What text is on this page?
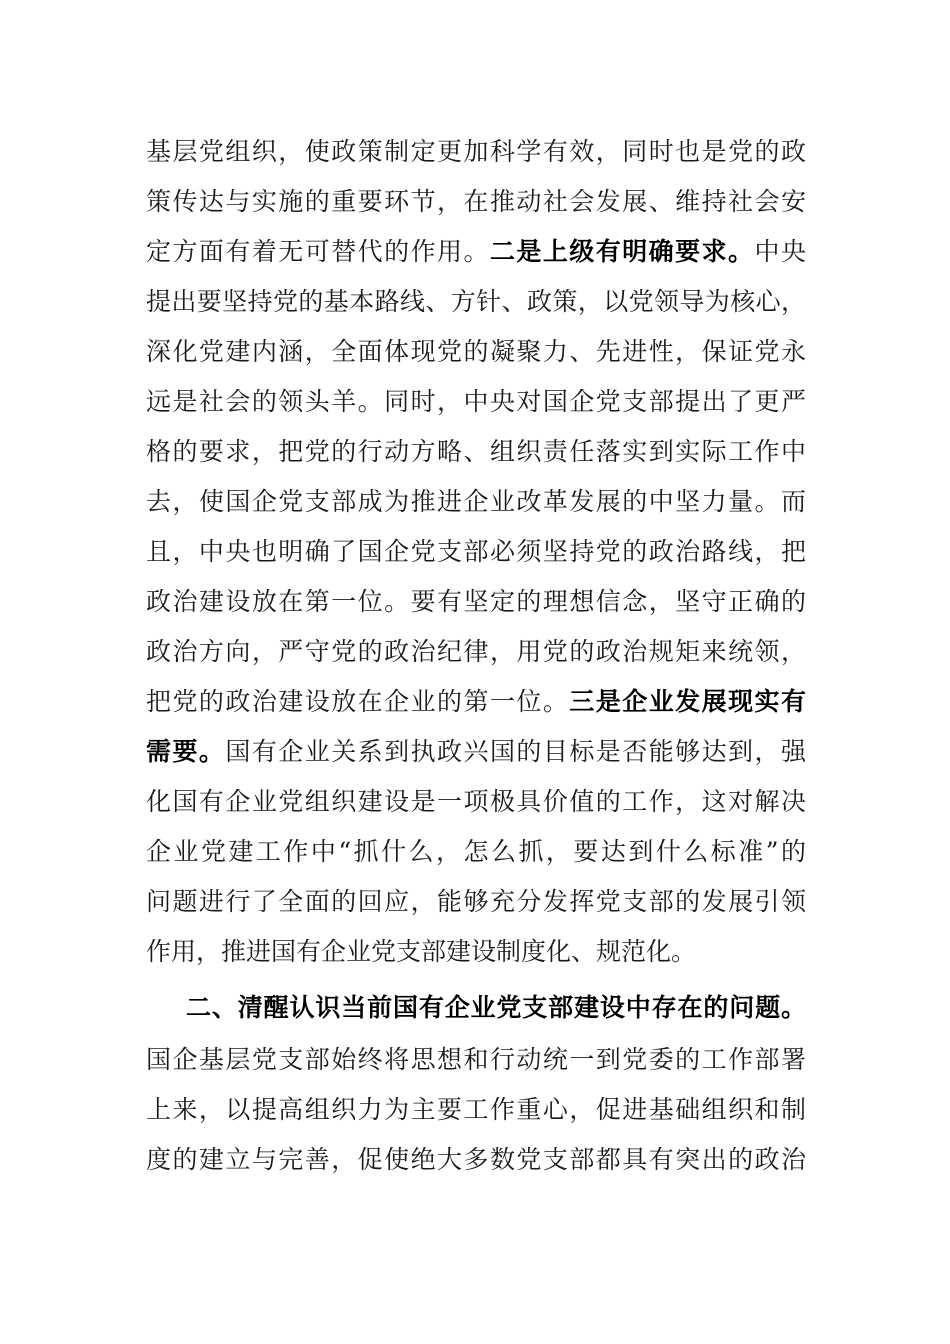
基层党组织，使政策制定更加科学有效，同时也是党的政
策传达与实施的重要环节，在推动社会发展、维持社会安
定方面有着无可替代的作用。二是上级有明确要求。中央
提出要坚持党的基本路线、方针、政策，以党领导为核心，
深化党建内涵，全面体现党的凝聚力、先进性，保证党永
远是社会的领头羊。同时，中央对国企党支部提出了更严
格的要求，把党的行动方略、组织责任落实到实际工作中
去，使国企党支部成为推进企业改革发展的中坚力量。而
且，中央也明确了国企党支部必须坚持党的政治路线，把
政治建设放在第一位。要有坚定的理想信念，坚守正确的
政治方向，严守党的政治纪律，用党的政治规矩来统领，
把党的政治建设放在企业的第一位。三是企业发展现实有
需要。国有企业关系到执政兴国的目标是否能够达到，强
化国有企业党组织建设是一项极具价值的工作，这对解决
企业党建工作中“抓什么，怎么抓，要达到什么标准”的
问题进行了全面的回应，能够充分发挥党支部的发展引领
作用，推进国有企业党支部建设制度化、规范化。
二、清醒认识当前国有企业党支部建设中存在的问题。
国企基层党支部始终将思想和行动统一到党委的工作部署
上来，以提高组织力为主要工作重心，促进基础组织和制
度的建立与完善，促使绝大多数党支部都具有突出的政治
